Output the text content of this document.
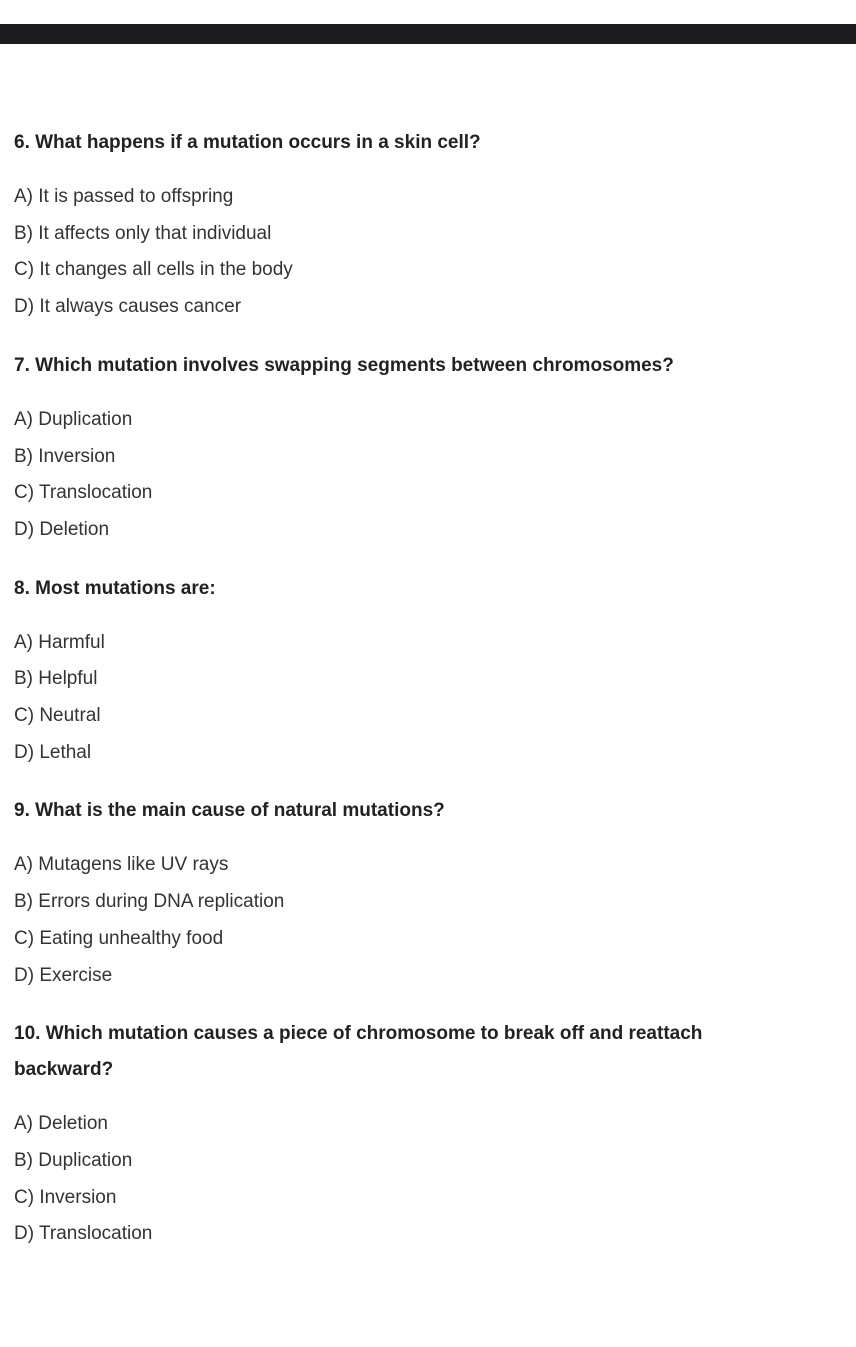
6. What happens if a mutation occurs in a skin cell?

A) It is passed to offspring
B) It affects only that individual
C) It changes all cells in the body
D) It always causes cancer

7. Which mutation involves swapping segments between chromosomes?

A) Duplication
B) Inversion
C) Translocation
D) Deletion

8. Most mutations are:

A) Harmful
B) Helpful
C) Neutral
D) Lethal

9. What is the main cause of natural mutations?

A) Mutagens like UV rays
B) Errors during DNA replication
C) Eating unhealthy food
D) Exercise

10. Which mutation causes a piece of chromosome to break off and reattach

backward?

A) Deletion
B) Duplication
C) Inversion
D) Translocation
